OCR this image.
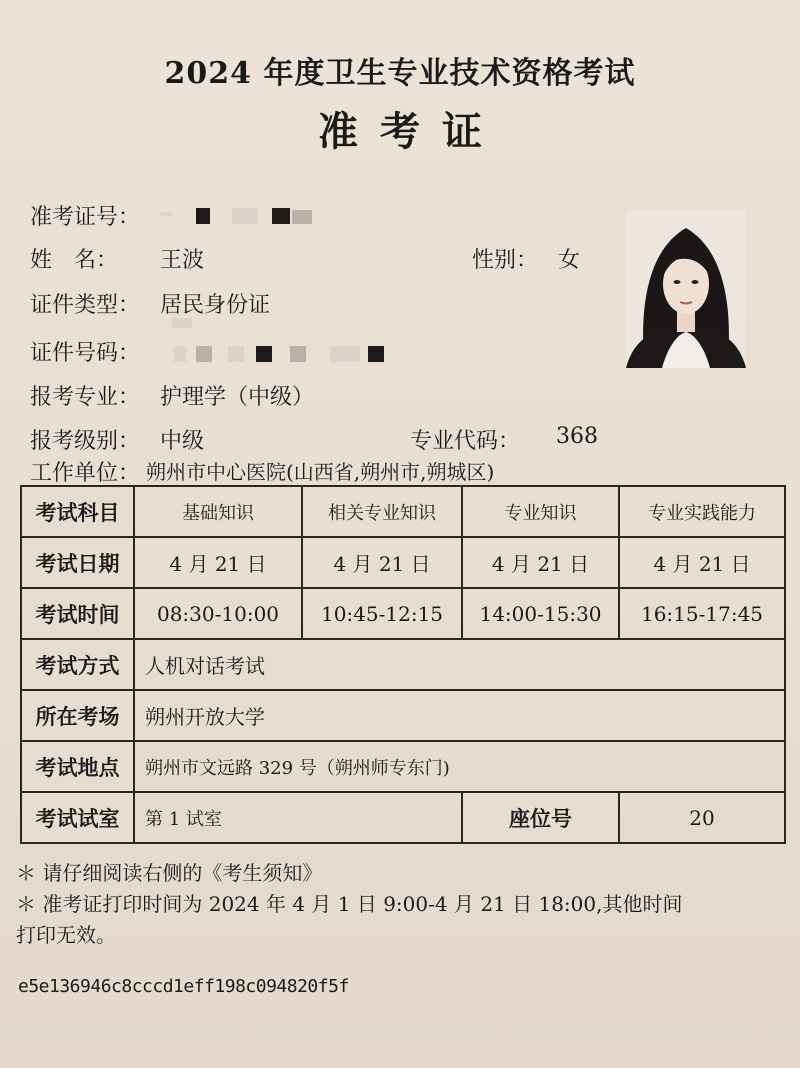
2024 年度卫生专业技术资格考试
准考证
准考证号：
姓　名： 王波	性别： 女
证件类型： 居民身份证
证件号码：
报考专业： 护理学（中级）
报考级别： 中级	专业代码： 368
工作单位： 朔州市中心医院(山西省,朔州市,朔城区)
考试科目	基础知识	相关专业知识	专业知识	专业实践能力
考试日期	4 月 21 日	4 月 21 日	4 月 21 日	4 月 21 日
考试时间	08:30-10:00	10:45-12:15	14:00-15:30	16:15-17:45
考试方式	人机对话考试			
所在考场	朔州开放大学			
考试地点	朔州市文远路 329 号（朔州师专东门)			
考试试室	第 1 试室		座位号	20
＊ 请仔细阅读右侧的《考生须知》
＊ 准考证打印时间为 2024 年 4 月 1 日 9:00-4 月 21 日 18:00,其他时间
打印无效。
e5e136946c8cccd1eff198c094820f5f
